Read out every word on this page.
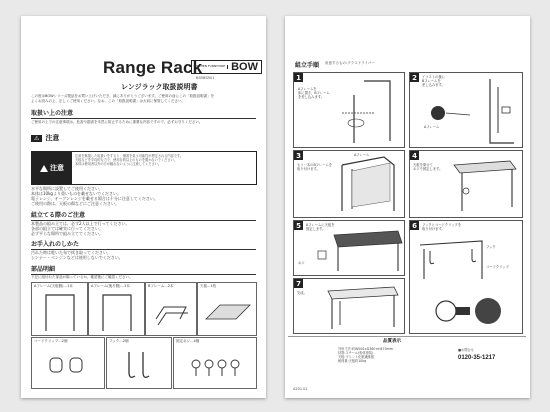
Range Rack
KITCHEN FURNITURE BOW
BSRBSR01
レンジラック取扱説明書
この度はBOWシリーズ製品をお買い上げいただき、誠にありがとうございます。ご使用の前にこの「取扱説明書」を
よくお読みの上、正しくご使用ください。なお、この「取扱説明書」は大切に保管してください。
取扱い上の注意
ご使用の上での注意事項は、危害や損害を未然に防止するために重要な内容ですので、必ずお守りください。
⚠ 注意
注意
注意を無視した取扱いをすると、傷害を負う可能性が想定される内容です。
天板などを平均的な力で、使用目的以上のものを置かないでください。
本体は使用者以外の方が触れないように注意してください。
水平な場所に設置してご使用ください。
本体は10kgより重いものを載せないでください。
電子レンジ、オーブンレンジを載せる場合は十分に注意してください。
ご使用の際は、天板の傷などにご注意ください。
組立てる際のご注意
本製品の組み立ては、必ず2人以上で行ってください。
各部の組立ては確実に行ってください。
必ず平らな場所で組み立ててください。
お手入れのしかた
汚れた時は乾いた布で拭き取ってください。
シンナー・ベンジンなどは使用しないでください。
部品明細
下記に組付れた部品が揃っているか、確認後にご確認ください。
Aフレーム(天板側)…1本	Aフレーム(後ろ側)…1本	Bフレーム…2本	天板…1枚
コードクリップ…2個	フック…2個	固定ネジ…4個
組立手順 用意するもの:プラスドライバー
1
Aフレームを
床に置き、Bフレーム
を差し込みます。
2	イラストの様に
Bフレームを
差し込みます。
Aフレーム
3
もう一本のBフレームを
取り付けます。
Aフレーム	4
天板を乗せて
ネジで固定します。
5	Aフレームに天板を
固定します。
ネジ
6	フックとコードクリップを
取り付けます。
フック
コードクリップ
7
完成。
品質表示
外形寸法:約W500×D360×H470mm
材質:スチール(粉体塗装)
天板:プリント化粧繊維板
耐荷重:天板約10kg
■お問合せ
0120-35-1217
A201.01
